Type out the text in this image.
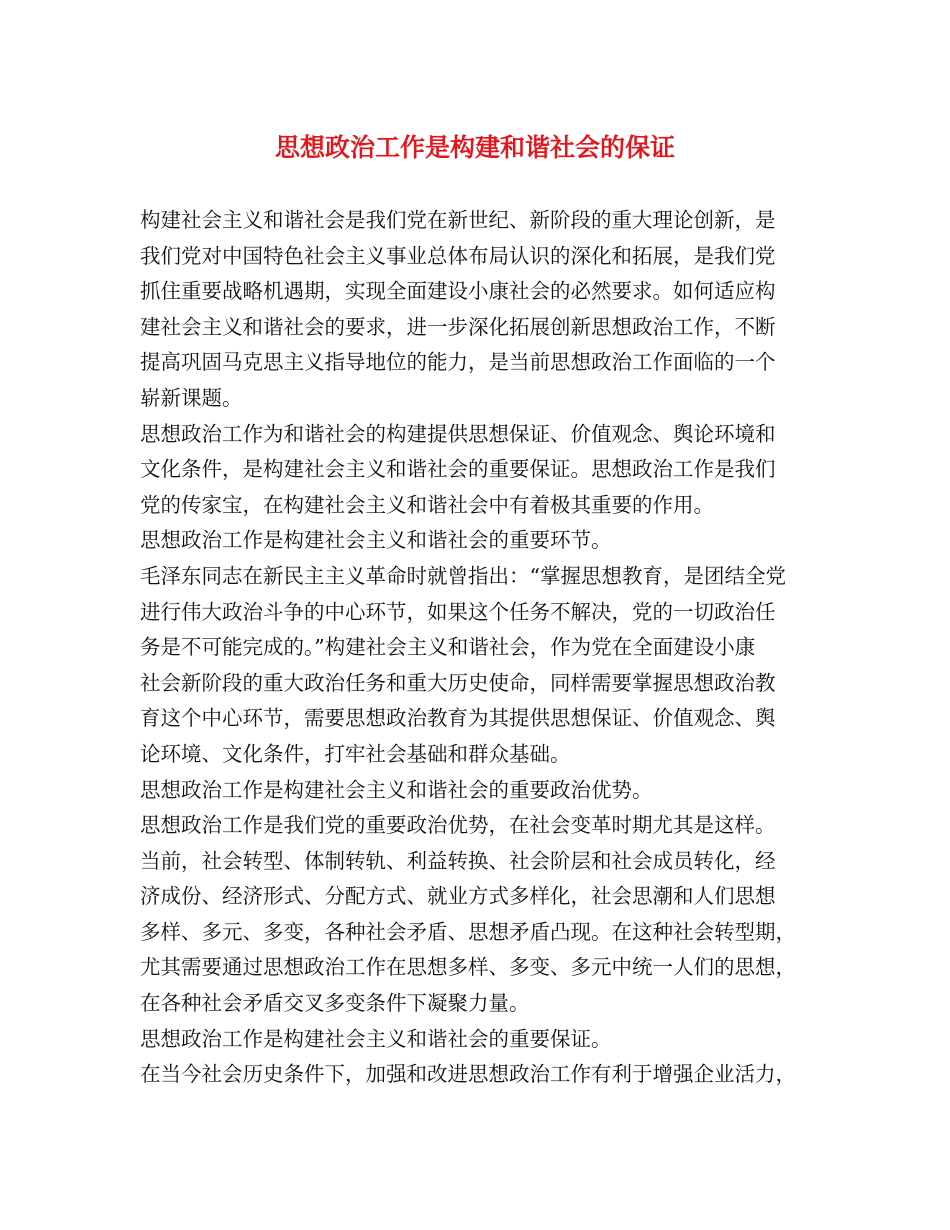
思想政治工作是构建和谐社会的保证
构建社会主义和谐社会是我们党在新世纪、新阶段的重大理论创新，是
我们党对中国特色社会主义事业总体布局认识的深化和拓展，是我们党
抓住重要战略机遇期，实现全面建设小康社会的必然要求。如何适应构
建社会主义和谐社会的要求，进一步深化拓展创新思想政治工作，不断
提高巩固马克思主义指导地位的能力，是当前思想政治工作面临的一个
崭新课题。
思想政治工作为和谐社会的构建提供思想保证、价值观念、舆论环境和
文化条件，是构建社会主义和谐社会的重要保证。思想政治工作是我们
党的传家宝，在构建社会主义和谐社会中有着极其重要的作用。
思想政治工作是构建社会主义和谐社会的重要环节。
毛泽东同志在新民主主义革命时就曾指出：“掌握思想教育，是团结全党
进行伟大政治斗争的中心环节，如果这个任务不解决，党的一切政治任
务是不可能完成的。”构建社会主义和谐社会，作为党在全面建设小康
社会新阶段的重大政治任务和重大历史使命，同样需要掌握思想政治教
育这个中心环节，需要思想政治教育为其提供思想保证、价值观念、舆
论环境、文化条件，打牢社会基础和群众基础。
思想政治工作是构建社会主义和谐社会的重要政治优势。
思想政治工作是我们党的重要政治优势，在社会变革时期尤其是这样。
当前，社会转型、体制转轨、利益转换、社会阶层和社会成员转化，经
济成份、经济形式、分配方式、就业方式多样化，社会思潮和人们思想
多样、多元、多变，各种社会矛盾、思想矛盾凸现。在这种社会转型期，
尤其需要通过思想政治工作在思想多样、多变、多元中统一人们的思想，
在各种社会矛盾交叉多变条件下凝聚力量。
思想政治工作是构建社会主义和谐社会的重要保证。
在当今社会历史条件下，加强和改进思想政治工作有利于增强企业活力，
